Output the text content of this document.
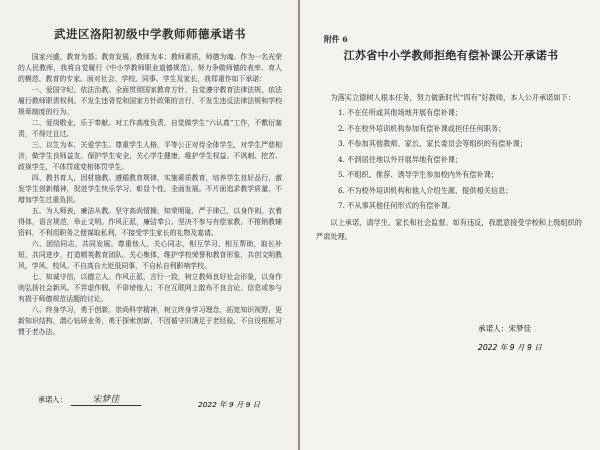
武进区洛阳初级中学教师师德承诺书

国家兴盛，教育为基；教育发展，教师为本；教师素质，师德为魂。作为一名光荣的人民教师，我将自觉履行《中小学教师职业道德规范》，努力争做师德的表率、育人的模范、教育的专家。面对社会、学校、同事、学生及家长，我郑重作如下承诺：

一、爱国守纪，依法治教。全面贯彻国家教育方针，自觉遵守教育法律法规，依法履行教师职责权利。不发生违背党和国家方针政策的言行，不发生违反法律法规和学校规章制度的行为。

二、爱岗敬业，乐于奉献。对工作高度负责，自觉做学生“六认真”工作，不敷衍塞责，不得过且过。

三、以生为本，关爱学生。尊重学生人格，平等公正对待全体学生，对学生严慈相济，做学生良师益友。保护学生安全，关心学生健康，维护学生权益。不讽刺、挖苦、歧视学生，不体罚或变相体罚学生。

四、教书育人，因材施教。遵循教育规律，实施素质教育，培养学生良好品行，激发学生创新精神，促进学生快乐学习、彰显个性、全面发展。不片面追求教学质量，不增加学生过重负担。

五、为人师表，廉洁从教。坚守高尚情操，知荣明耻，严于律己，以身作则。衣着得体，语言规范，举止文明。作风正派，廉洁奉公。坚决不参与有偿家教，不推销教辅资料，不利用职务之便谋取私利，不接受学生家长的礼物及宴请。

六、团结同志，共同发展。尊重他人，关心同志，相互学习、相互帮助，取长补短，共同进步，打造精英教育团队。关心集体，维护学校荣誉和教育形象，共创文明教风，学风、校风。不自高自大贬低同事，不自私自利影响学校。

七、知诚守信，以德立人。作风正派，言行一致，树立教师良好社会形象，以身作则弘扬社会新风。不弄虚作假，不诽谤他人；不在互联网上散布不良言论、信息或参与有损于师德规范话题的讨论。

八、终身学习，勇于创新。崇尚科学精神，树立终身学习理念，拓宽知识视野，更新知识结构，潜心钻研业务，勇于探索创新，不因循守旧满足于老经验，不自设框框习惯于老办法。

承诺人：	宋梦佳	2022 年 9 月 9 日
附件 6
江苏省中小学教师拒绝有偿补课公开承诺书

为落实立德树人根本任务，努力做新时代“四有”好教师，本人公开承诺如下：

1. 不在任所或其他场地开展有偿补课；

2. 不在校外培训机构参加有偿补课或担任任何职务；

3. 不参加其他教师、家长、家长委员会等组织的有偿补课；

4. 不到居住地以外开展异地有偿补课；

5. 不组织、推荐、诱导学生参加校内外有偿补课；

6. 不为校外培训机构和他人介绍生源、提供相关信息；

7. 不从事其他任何形式的有偿补课。

以上承诺，请学生、家长和社会监督。如有违反，我愿意接受学校和上级组织的严肃处理。

承诺人：宋梦佳
2022 年 9 月 9 日
